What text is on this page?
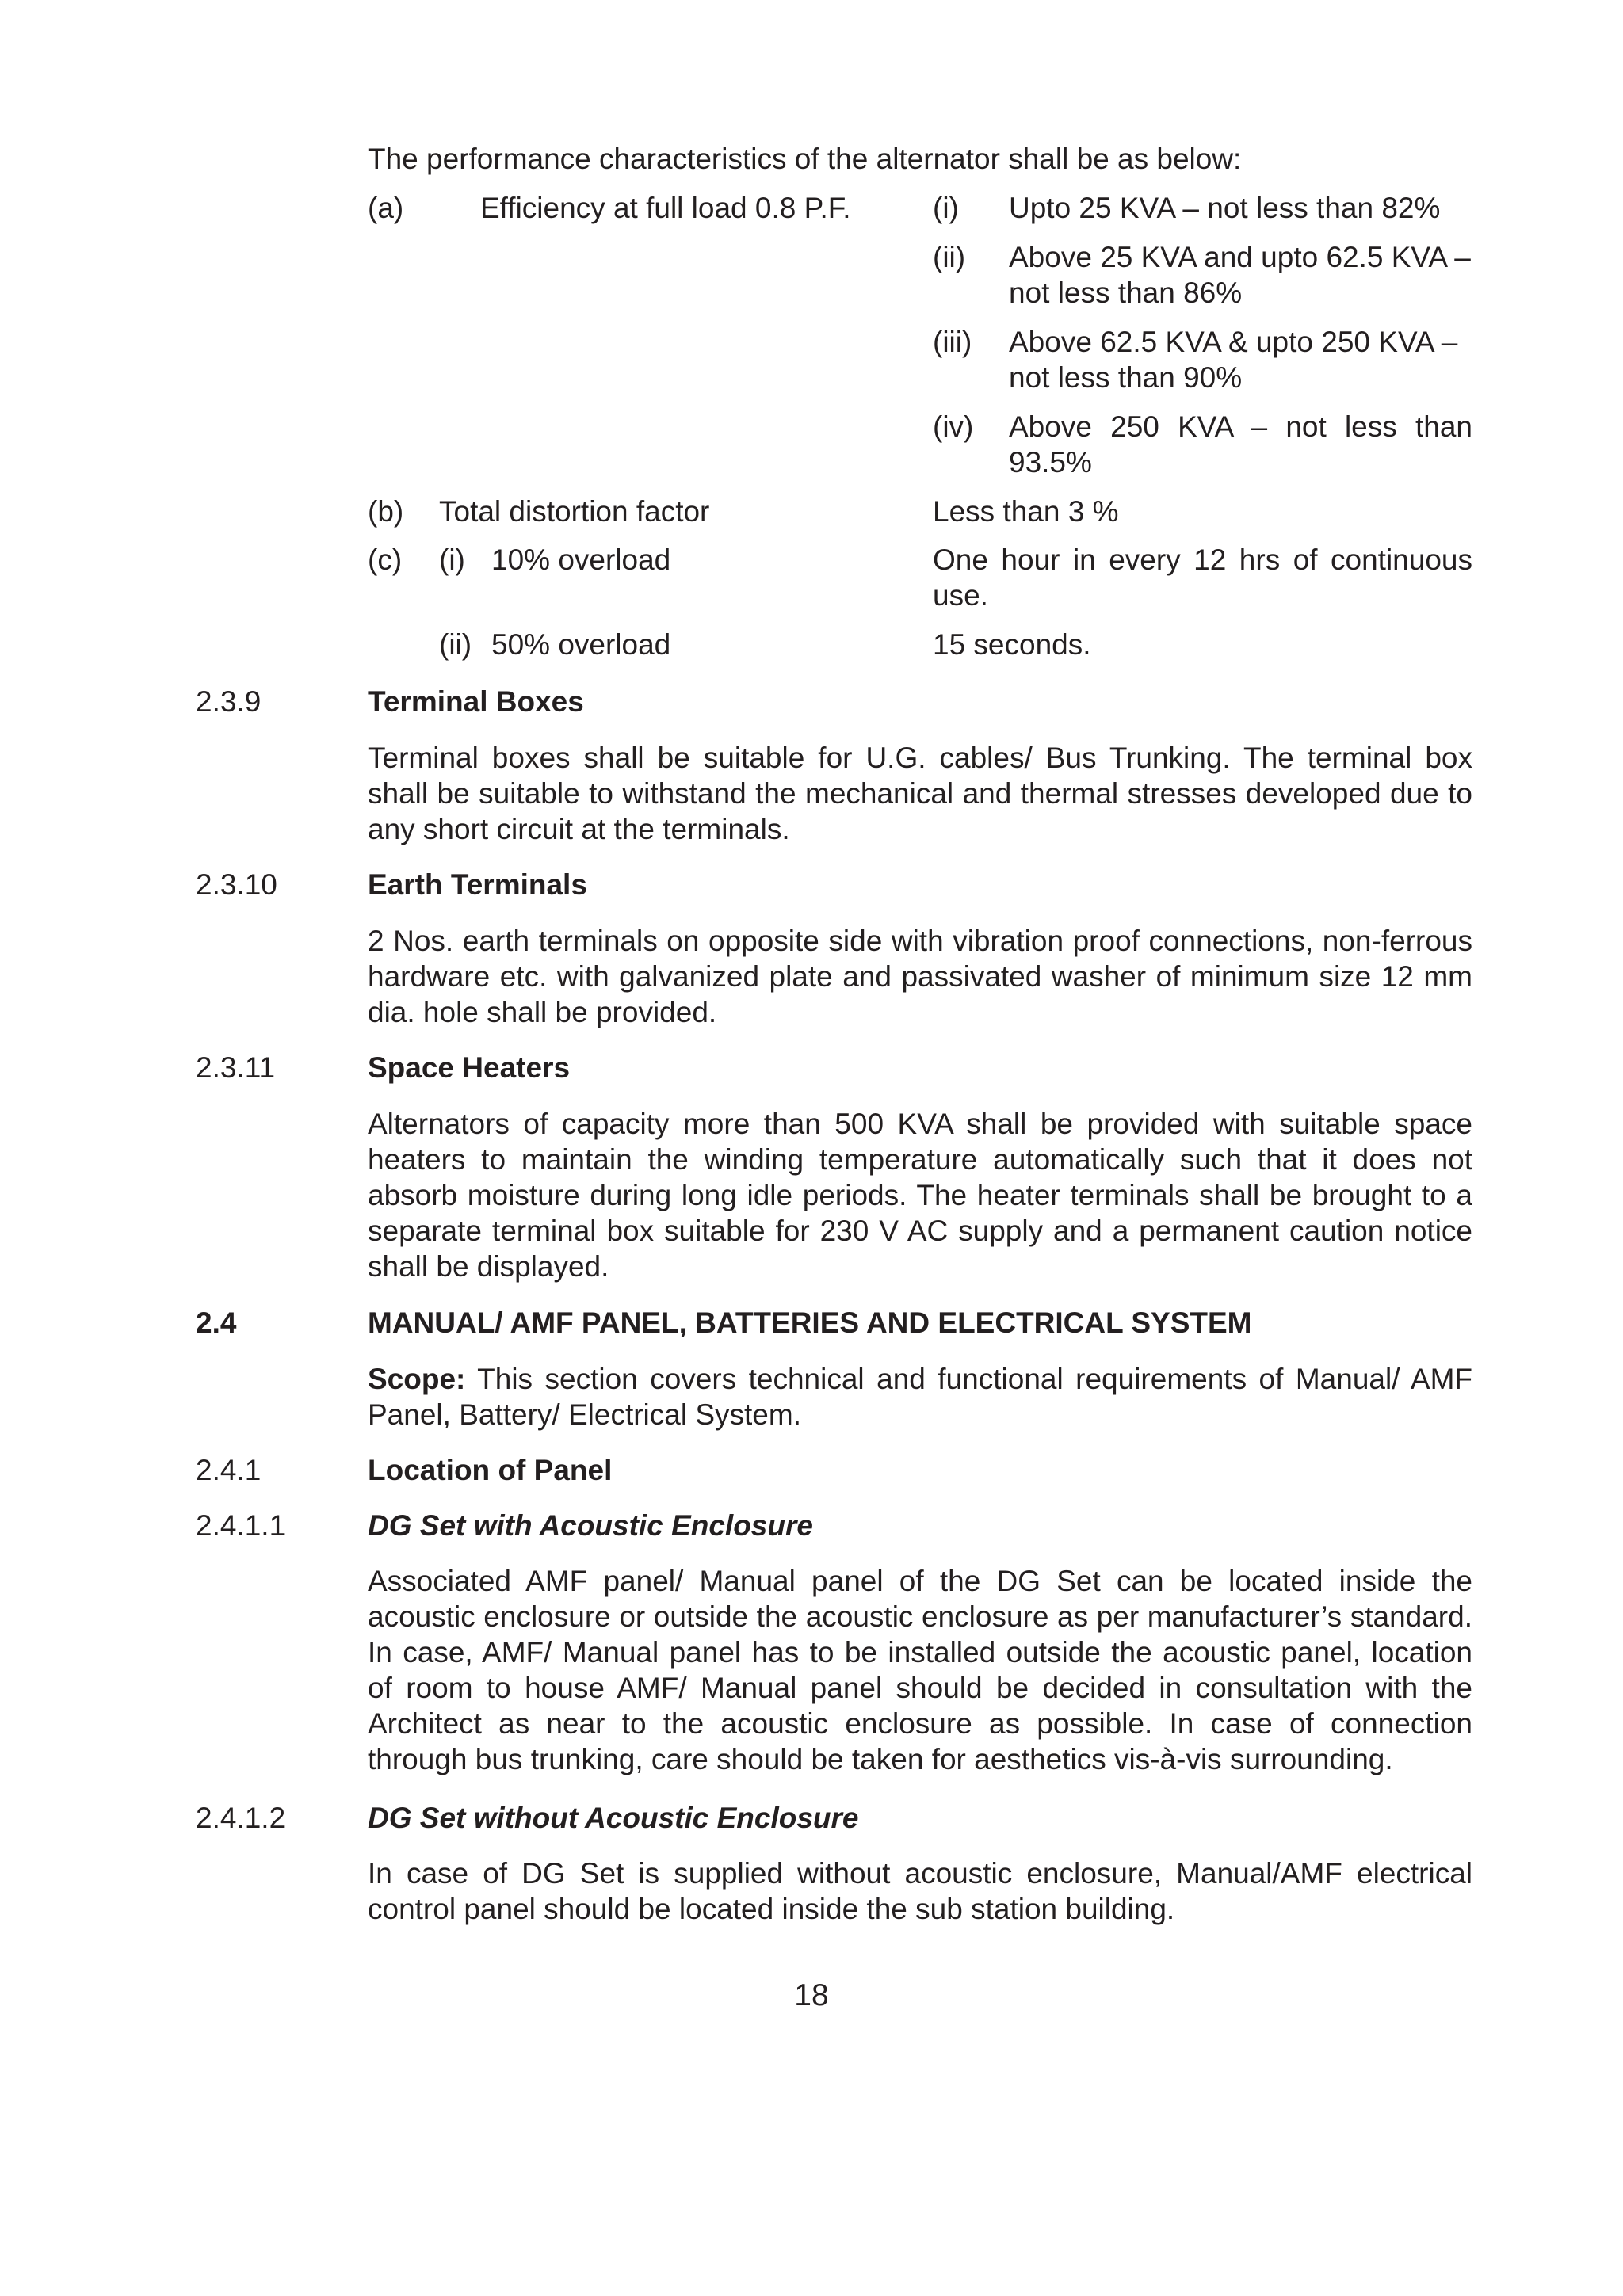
The performance characteristics of the alternator shall be as below:

(a)	Efficiency at full load 0.8 P.F.	(i) Upto 25 KVA – not less than 82%

(ii) Above 25 KVA and upto 62.5 KVA – not less than 86%

(iii) Above 62.5 KVA & upto 250 KVA – not less than 90%

(iv) Above 250 KVA – not less than 93.5%

(b) Total distortion factor	Less than 3 %
(c) (i) 10% overload	One hour in every 12 hrs of continuous use.

(ii) 50% overload	15 seconds.
2.3.9	Terminal Boxes

Terminal boxes shall be suitable for U.G. cables/ Bus Trunking. The terminal box shall be suitable to withstand the mechanical and thermal stresses developed due to any short circuit at the terminals.

2.3.10	Earth Terminals

2 Nos. earth terminals on opposite side with vibration proof connections, non-ferrous hardware etc. with galvanized plate and passivated washer of minimum size 12 mm dia. hole shall be provided.

2.3.11	Space Heaters

Alternators of capacity more than 500 KVA shall be provided with suitable space heaters to maintain the winding temperature automatically such that it does not absorb moisture during long idle periods. The heater terminals shall be brought to a separate terminal box suitable for 230 V AC supply and a permanent caution notice shall be displayed.

2.4	MANUAL/ AMF PANEL, BATTERIES AND ELECTRICAL SYSTEM

Scope: This section covers technical and functional requirements of Manual/ AMF Panel, Battery/ Electrical System.

2.4.1	Location of Panel
2.4.1.1	DG Set with Acoustic Enclosure

Associated AMF panel/ Manual panel of the DG Set can be located inside the acoustic enclosure or outside the acoustic enclosure as per manufacturer’s standard. In case, AMF/ Manual panel has to be installed outside the acoustic panel, location of room to house AMF/ Manual panel should be decided in consultation with the Architect as near to the acoustic enclosure as possible. In case of connection through bus trunking, care should be taken for aesthetics vis-à-vis surrounding.

2.4.1.2	DG Set without Acoustic Enclosure

In case of DG Set is supplied without acoustic enclosure, Manual/AMF electrical control panel should be located inside the sub station building.

18
